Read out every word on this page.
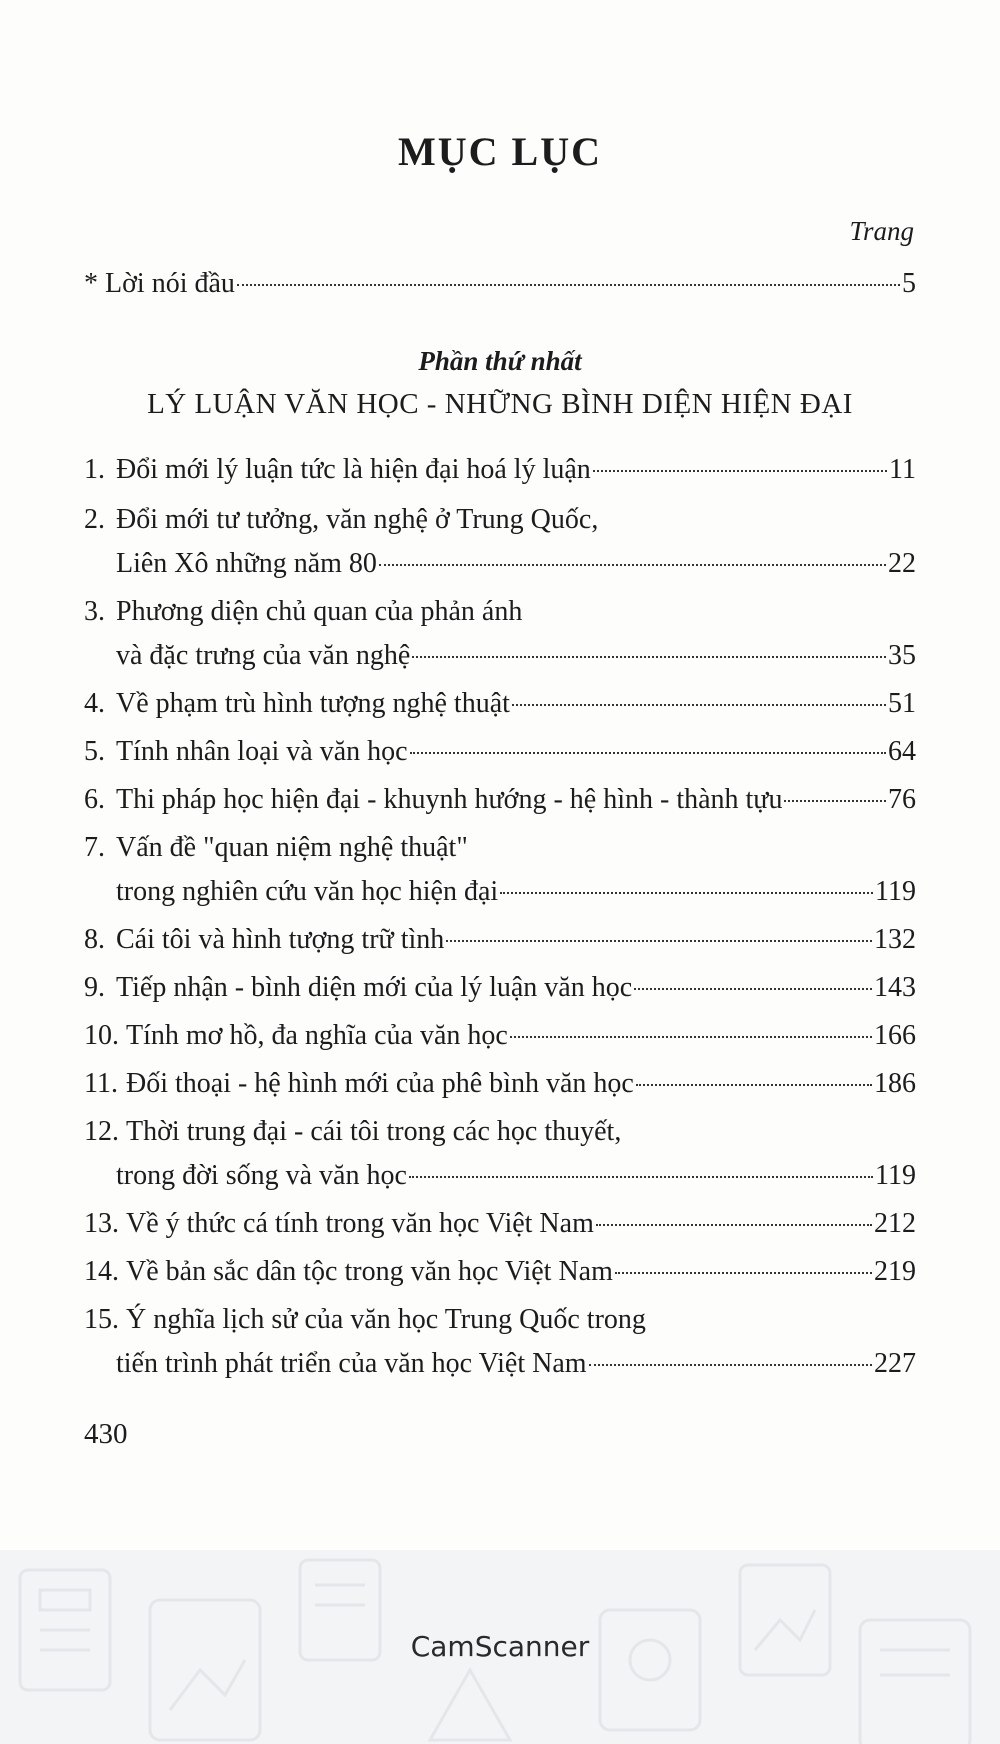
MỤC LỤC
Trang
* Lời nói đầu	5
Phần thứ nhất
LÝ LUẬN VĂN HỌC - NHỮNG BÌNH DIỆN HIỆN ĐẠI
1. Đổi mới lý luận tức là hiện đại hoá lý luận	11
2. Đổi mới tư tưởng, văn nghệ ở Trung Quốc,
Liên Xô những năm 80	22
3. Phương diện chủ quan của phản ánh
và đặc trưng của văn nghệ	35
4. Về phạm trù hình tượng nghệ thuật	51
5. Tính nhân loại và văn học	64
6. Thi pháp học hiện đại - khuynh hướng - hệ hình - thành tựu	76
7. Vấn đề "quan niệm nghệ thuật"
trong nghiên cứu văn học hiện đại	119
8. Cái tôi và hình tượng trữ tình	132
9. Tiếp nhận - bình diện mới của lý luận văn học	143
10. Tính mơ hồ, đa nghĩa của văn học	166
11. Đối thoại - hệ hình mới của phê bình văn học	186
12. Thời trung đại - cái tôi trong các học thuyết,
trong đời sống và văn học	119
13. Về ý thức cá tính trong văn học Việt Nam	212
14. Về bản sắc dân tộc trong văn học Việt Nam	219
15. Ý nghĩa lịch sử của văn học Trung Quốc trong
tiến trình phát triển của văn học Việt Nam	227
430
CamScanner
